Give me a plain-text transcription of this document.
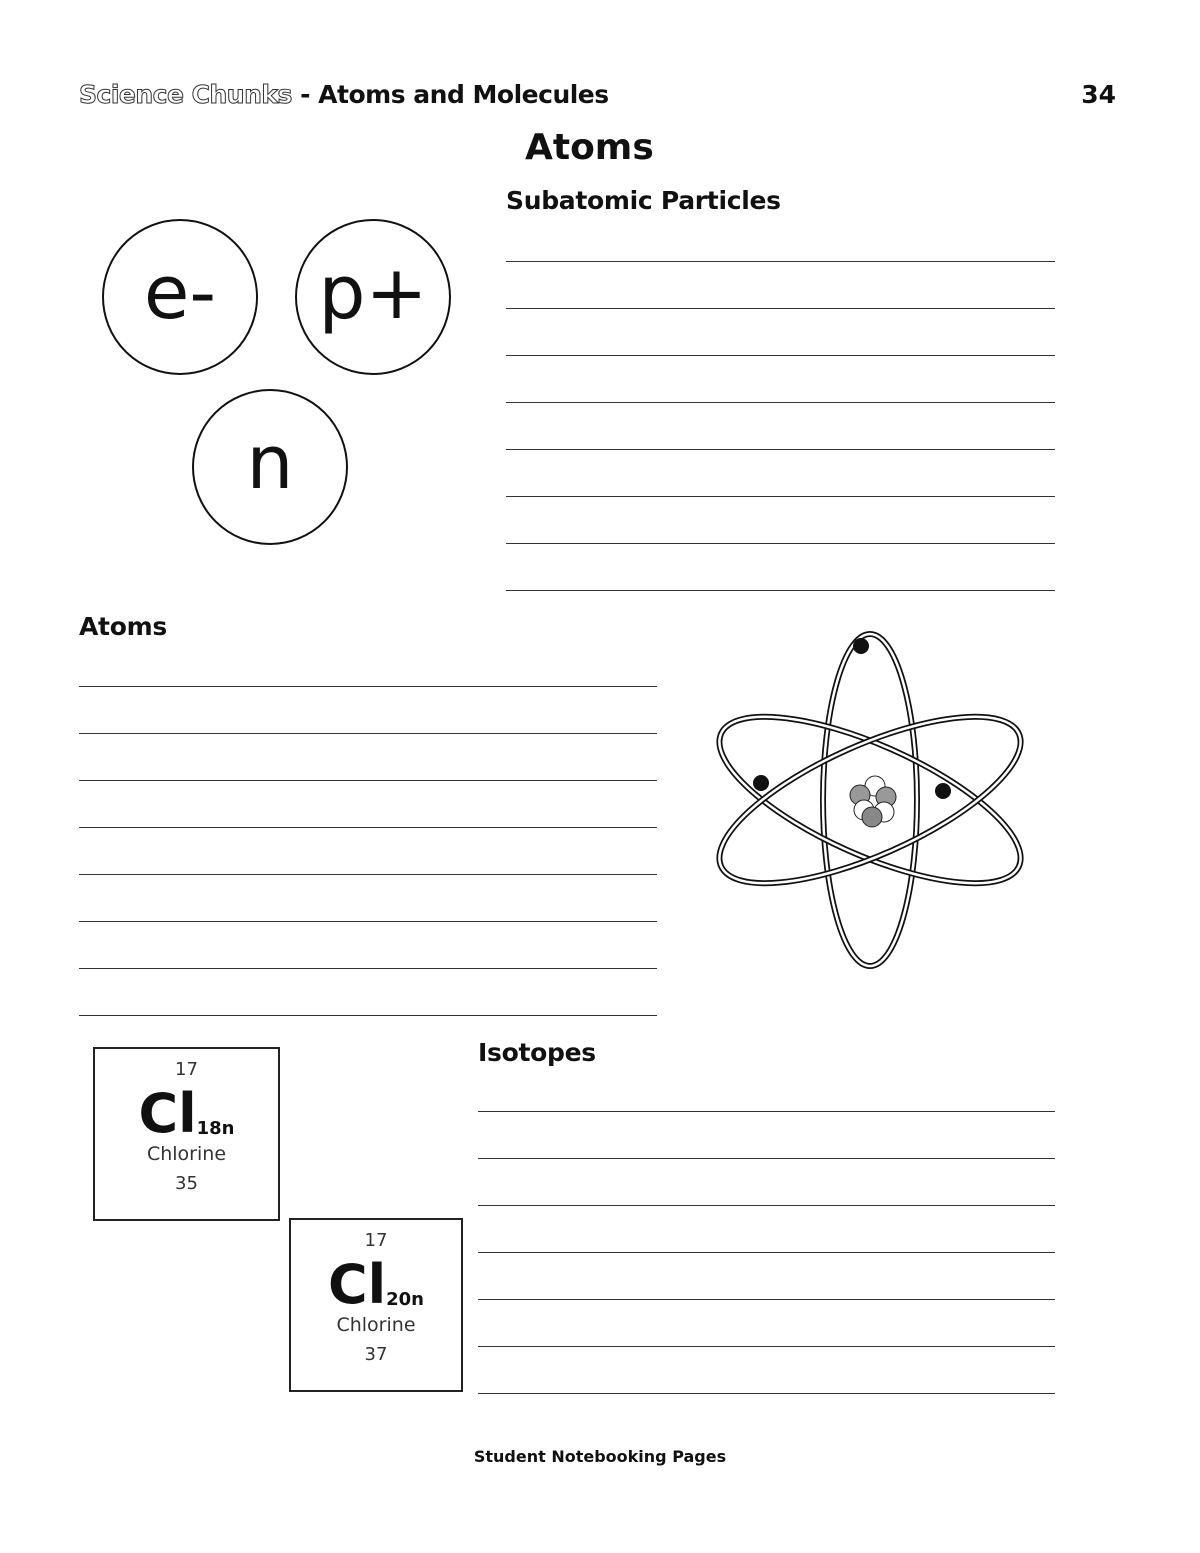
Science Chunks - Atoms and Molecules	34
Atoms
Subatomic Particles
e- p+
n
Atoms
Isotopes
17
$Cl_{18n}$
Chlorine
35
17
$Cl_{20n}$
Chlorine
37
Student Notebooking Pages
